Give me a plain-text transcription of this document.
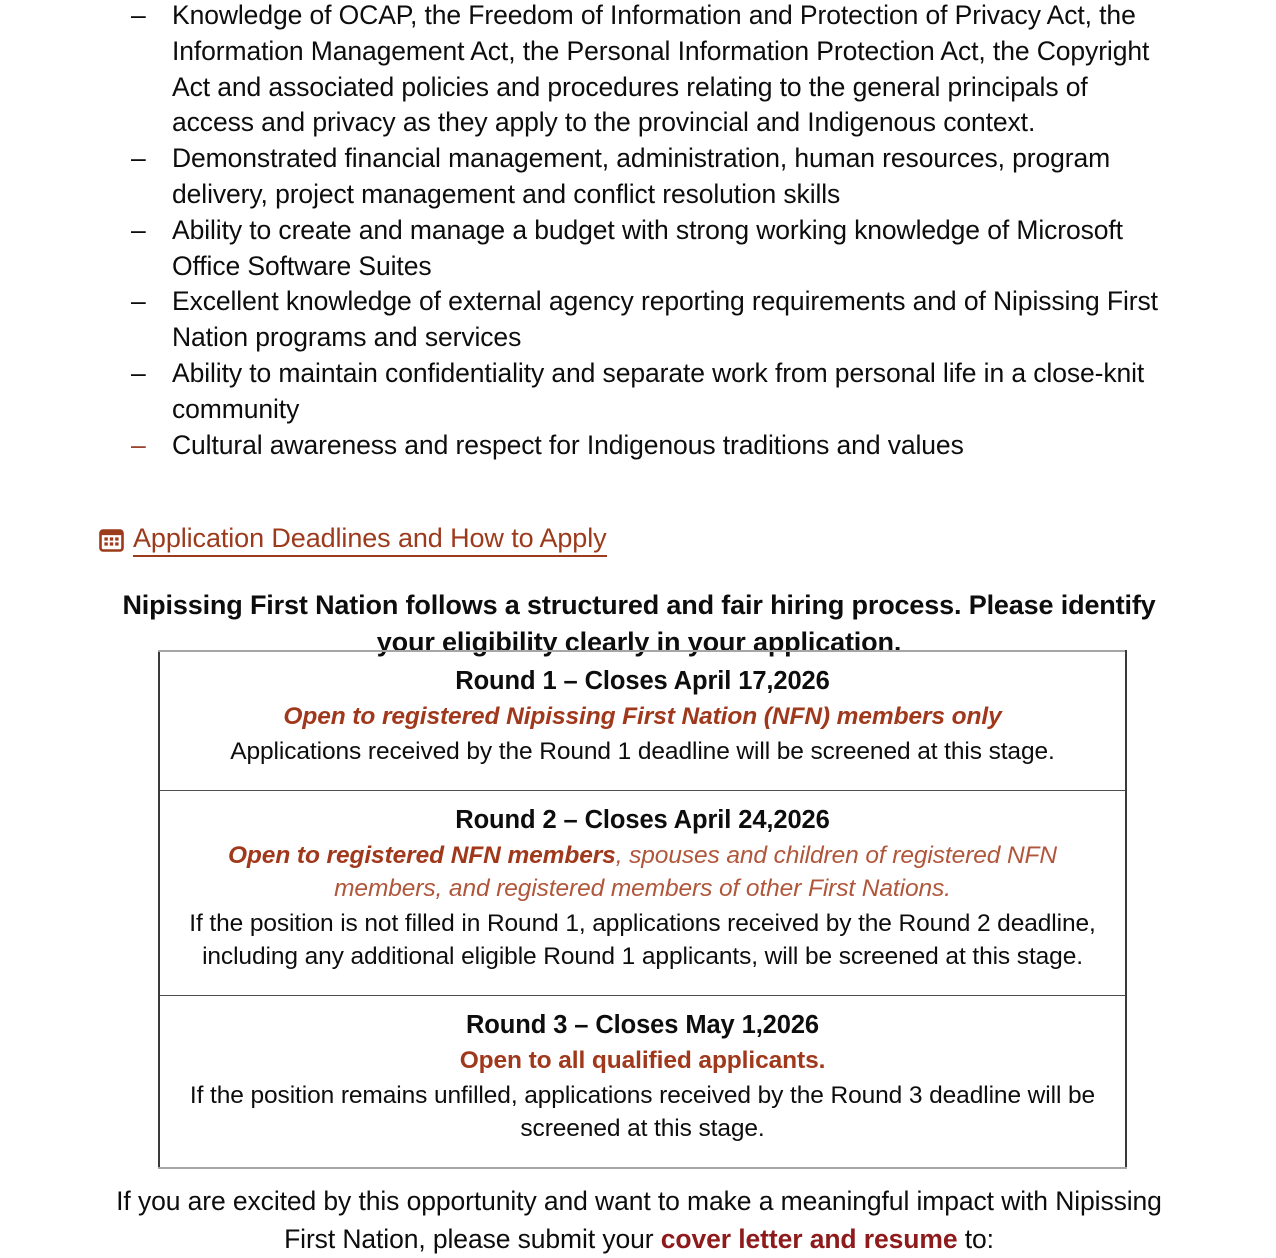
– Knowledge of OCAP, the Freedom of Information and Protection of Privacy Act, the Information Management Act, the Personal Information Protection Act, the Copyright Act and associated policies and procedures relating to the general principals of access and privacy as they apply to the provincial and Indigenous context.
– Demonstrated financial management, administration, human resources, program delivery, project management and conflict resolution skills
– Ability to create and manage a budget with strong working knowledge of Microsoft Office Software Suites
– Excellent knowledge of external agency reporting requirements and of Nipissing First Nation programs and services
– Ability to maintain confidentiality and separate work from personal life in a close-knit community
– Cultural awareness and respect for Indigenous traditions and values
Application Deadlines and How to Apply

Nipissing First Nation follows a structured and fair hiring process. Please identify your eligibility clearly in your application.

Round 1 – Closes April 17,2026
Open to registered Nipissing First Nation (NFN) members only
Applications received by the Round 1 deadline will be screened at this stage.

Round 2 – Closes April 24,2026
Open to registered NFN members, spouses and children of registered NFN members, and registered members of other First Nations.
If the position is not filled in Round 1, applications received by the Round 2 deadline, including any additional eligible Round 1 applicants, will be screened at this stage.

Round 3 – Closes May 1,2026
Open to all qualified applicants.
If the position remains unfilled, applications received by the Round 3 deadline will be screened at this stage.

If you are excited by this opportunity and want to make a meaningful impact with Nipissing First Nation, please submit your cover letter and resume to:
